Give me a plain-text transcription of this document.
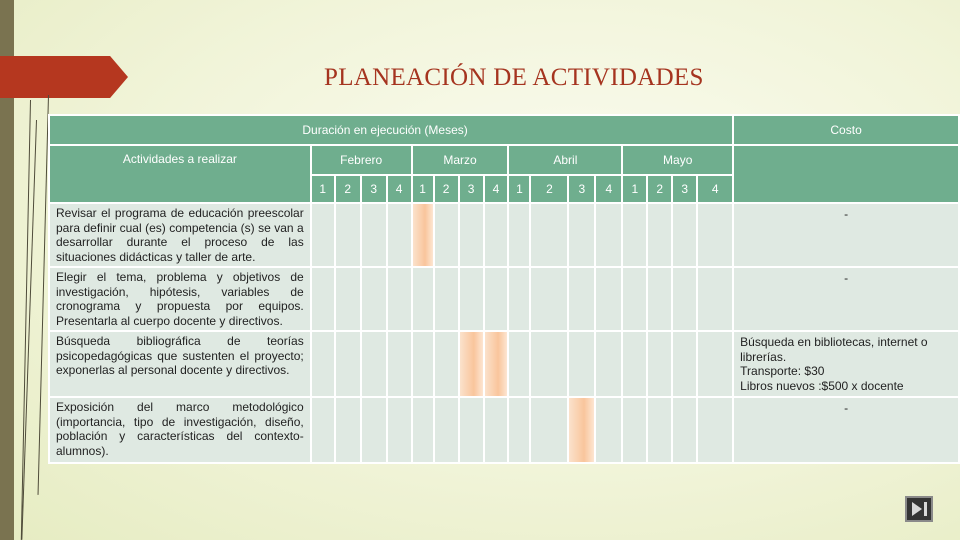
PLANEACIÓN DE ACTIVIDADES
Duración en ejecución (Meses)																	Costo
Actividades a realizar	Febrero				Marzo				Abril				Mayo				
	1	2	3	4	1	2	3	4	1	2	3	4	1	2	3	4	
Revisar el programa de educación preescolar para definir cual (es) competencia (s) se van a desarrollar durante el proceso de las situaciones didácticas y taller de arte.																	-

Elegir el tema, problema y objetivos de investigación, hipótesis, variables de cronograma y propuesta por equipos. Presentarla al cuerpo docente y directivos.																	-

Búsqueda bibliográfica de teorías psicopedagógicas que sustenten el proyecto; exponerlas al personal docente y directivos.																	Búsqueda en bibliotecas, internet o librerías.
Transporte: $30
Libros nuevos :$500 x docente

Exposición del marco metodológico (importancia, tipo de investigación, diseño, población y características del contexto- alumnos).																	-
